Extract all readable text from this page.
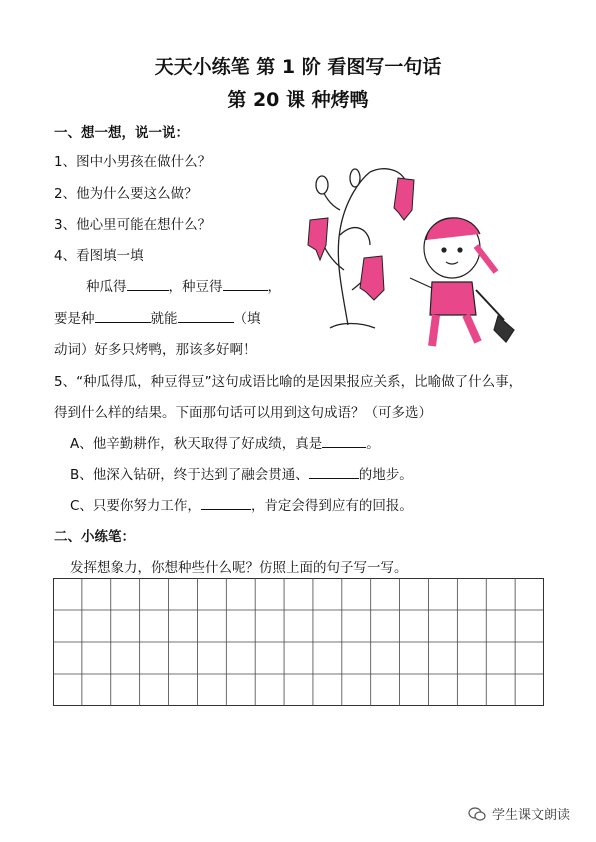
天天小练笔 第 1 阶 看图写一句话
第 20 课 种烤鸭
一、想一想，说一说：
1、图中小男孩在做什么？
2、他为什么要这么做？
3、他心里可能在想什么？
4、看图填一填
种瓜得	，种豆得	，
要是种	就能	（填
动词）好多只烤鸭，那该多好啊！
5、“种瓜得瓜，种豆得豆”这句成语比喻的是因果报应关系，比喻做了什么事，
得到什么样的结果。下面那句话可以用到这句成语？（可多选）
A、他辛勤耕作，秋天取得了好成绩，真是	。
B、他深入钻研，终于达到了融会贯通、	的地步。
C、只要你努力工作，	，肯定会得到应有的回报。
二、小练笔：
发挥想象力，你想种些什么呢？仿照上面的句子写一写。
学生课文朗读
